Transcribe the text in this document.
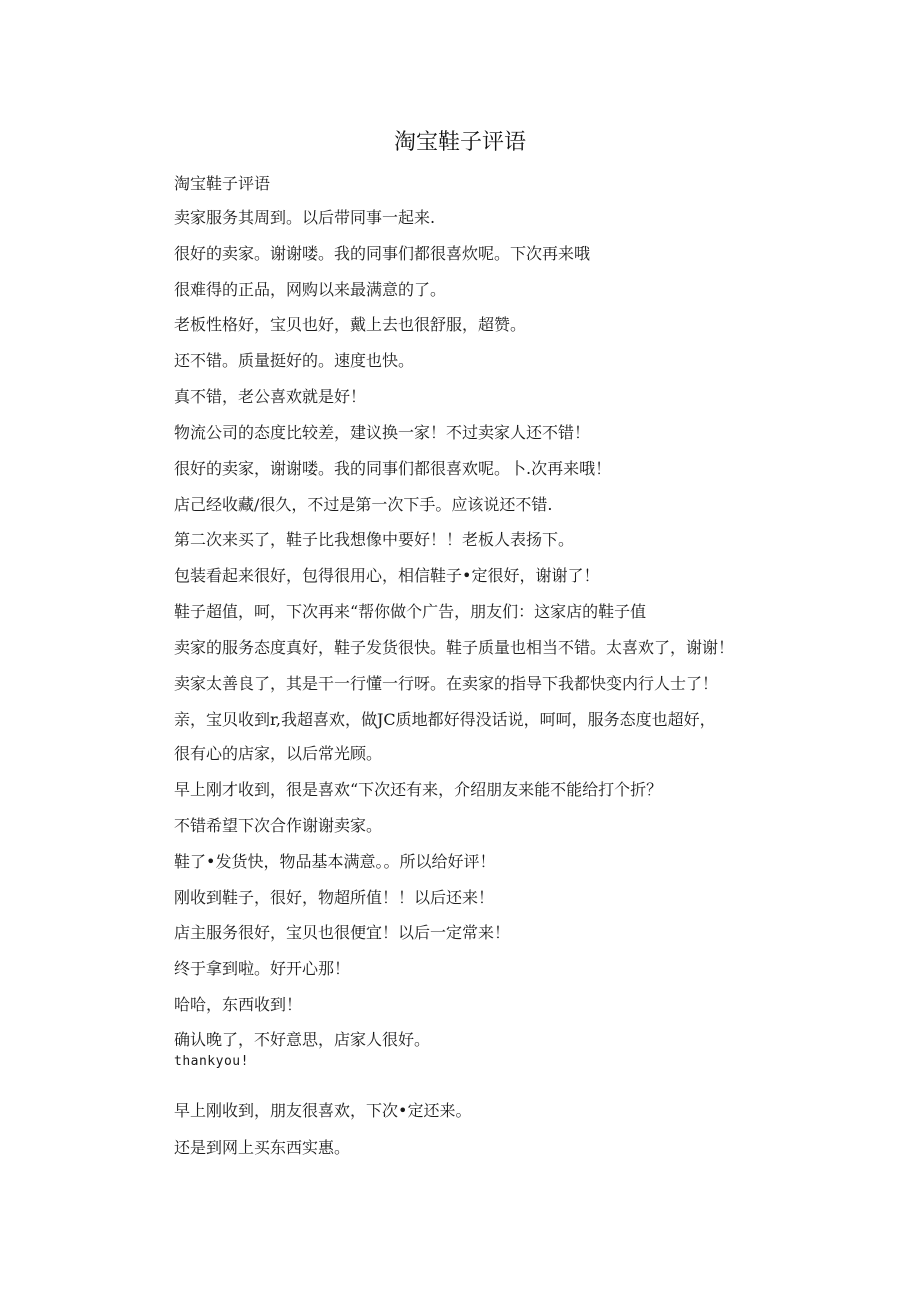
淘宝鞋子评语
淘宝鞋子评语
卖家服务其周到。以后带同事一起来.
很好的卖家。谢谢喽。我的同事们都很喜炊呢。下次再来哦
很难得的正品，网购以来最满意的了。
老板性格好，宝贝也好，戴上去也很舒服，超赞。
还不错。质量挺好的。速度也快。
真不错，老公喜欢就是好！
物流公司的态度比较差，建议换一家！不过卖家人还不错！
很好的卖家，谢谢喽。我的同事们都很喜欢呢。卜.次再来哦！
店己经收藏/很久，不过是第一次下手。应该说还不错.
第二次来买了，鞋子比我想像中要好！！老板人表扬下。
包装看起来很好，包得很用心，相信鞋子•定很好，谢谢了！
鞋子超值，呵，下次再来“帮你做个广告，朋友们：这家店的鞋子值
卖家的服务态度真好，鞋子发货很快。鞋子质量也相当不错。太喜欢了，谢谢！
卖家太善良了，其是干一行懂一行呀。在卖家的指导下我都快变内行人士了！
亲，宝贝收到r,我超喜欢，做JC质地都好得没话说，呵呵，服务态度也超好，
很有心的店家，以后常光顾。
早上刚才收到，很是喜欢“下次还有来，介绍朋友来能不能给打个折？
不错希望下次合作谢谢卖家。
鞋了•发货快，物品基本满意。。所以给好评！
刚收到鞋子，很好，物超所值！！以后还来！
店主服务很好，宝贝也很便宜！以后一定常来！
终于拿到啦。好开心那！
哈哈，东西收到！
确认晚了，不好意思，店家人很好。
thankyou!
早上刚收到，朋友很喜欢，下次•定还来。
还是到网上买东西实惠。
